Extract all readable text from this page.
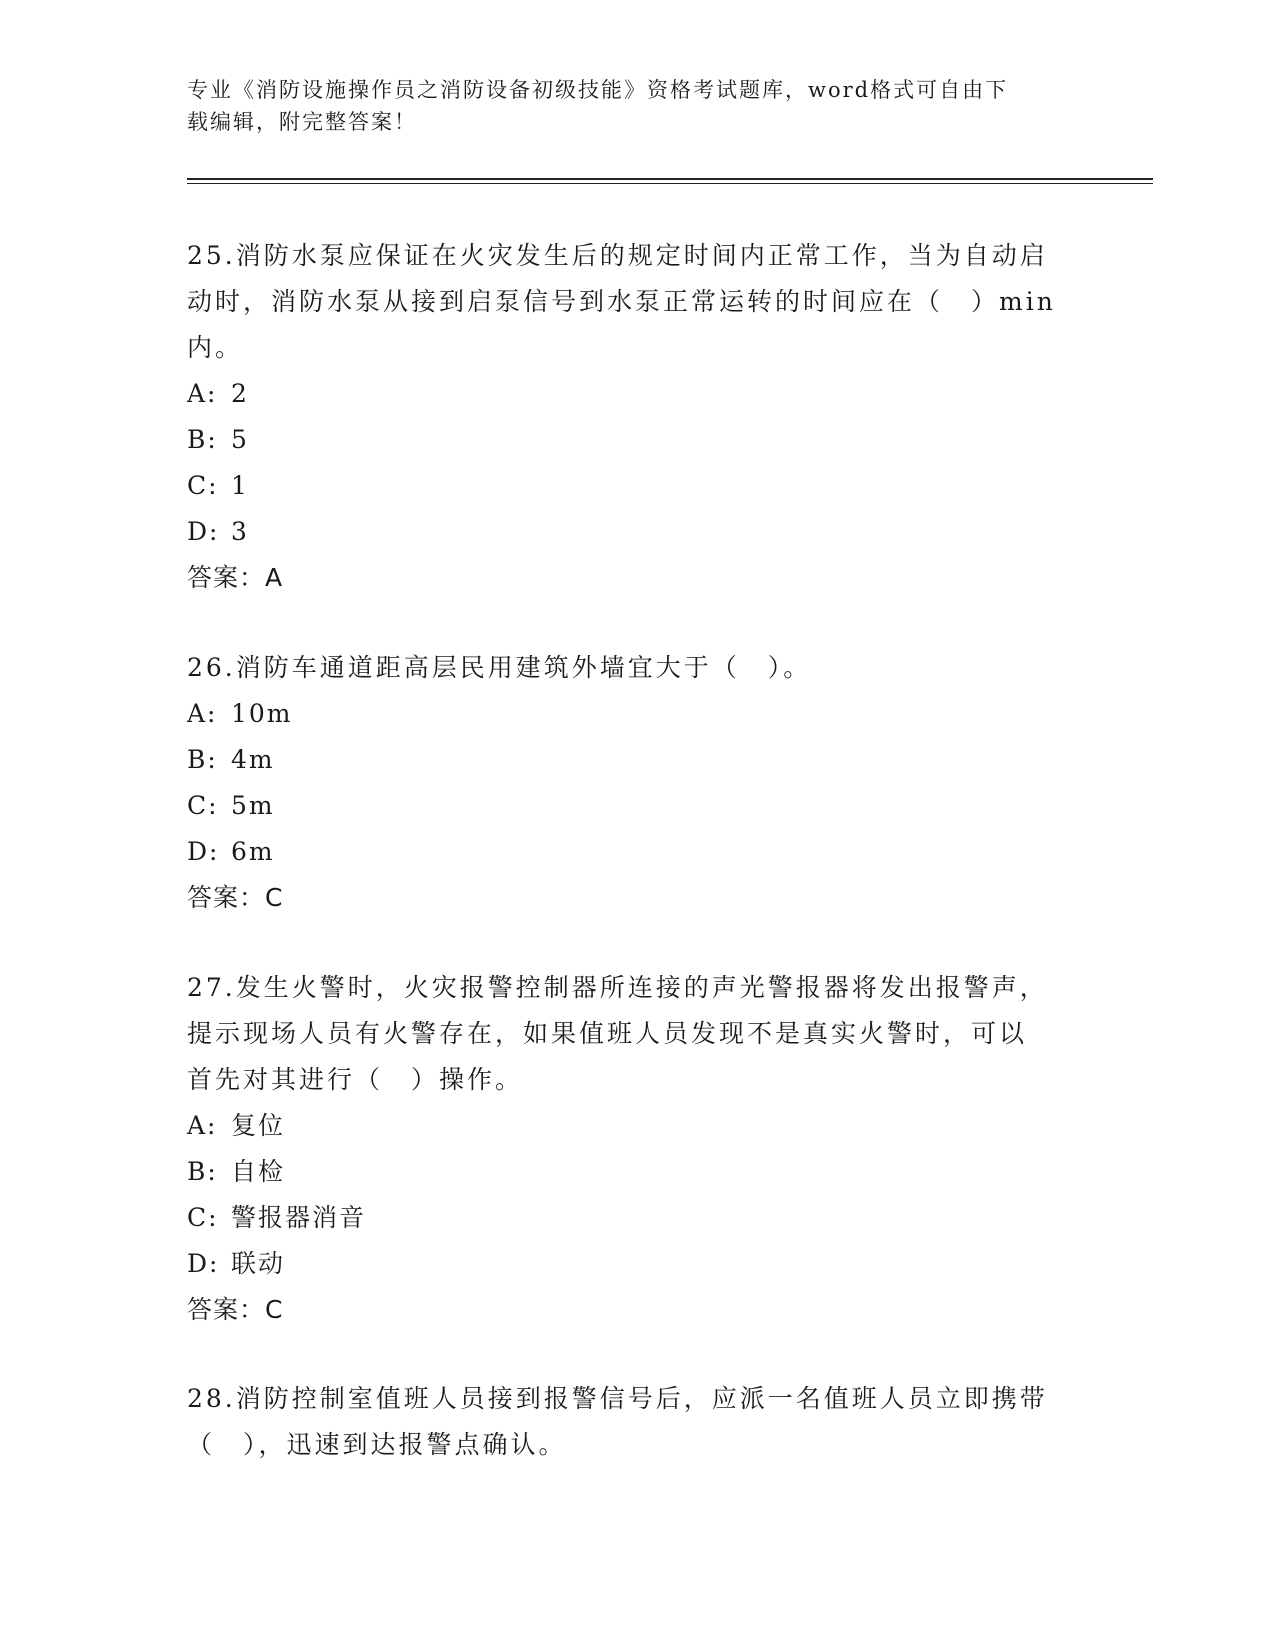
专业《消防设施操作员之消防设备初级技能》资格考试题库，word格式可自由下
载编辑，附完整答案！

25.消防水泵应保证在火灾发生后的规定时间内正常工作，当为自动启

动时，消防水泵从接到启泵信号到水泵正常运转的时间应在（　）min

内。

A: 2

B: 5

C: 1

D: 3

答案：A

26.消防车通道距高层民用建筑外墙宜大于（　）。

A: 10m

B: 4m

C: 5m

D: 6m

答案：C

27.发生火警时，火灾报警控制器所连接的声光警报器将发出报警声，

提示现场人员有火警存在，如果值班人员发现不是真实火警时，可以

首先对其进行（　）操作。

A: 复位

B: 自检

C: 警报器消音

D: 联动

答案：C

28.消防控制室值班人员接到报警信号后，应派一名值班人员立即携带

（　），迅速到达报警点确认。
